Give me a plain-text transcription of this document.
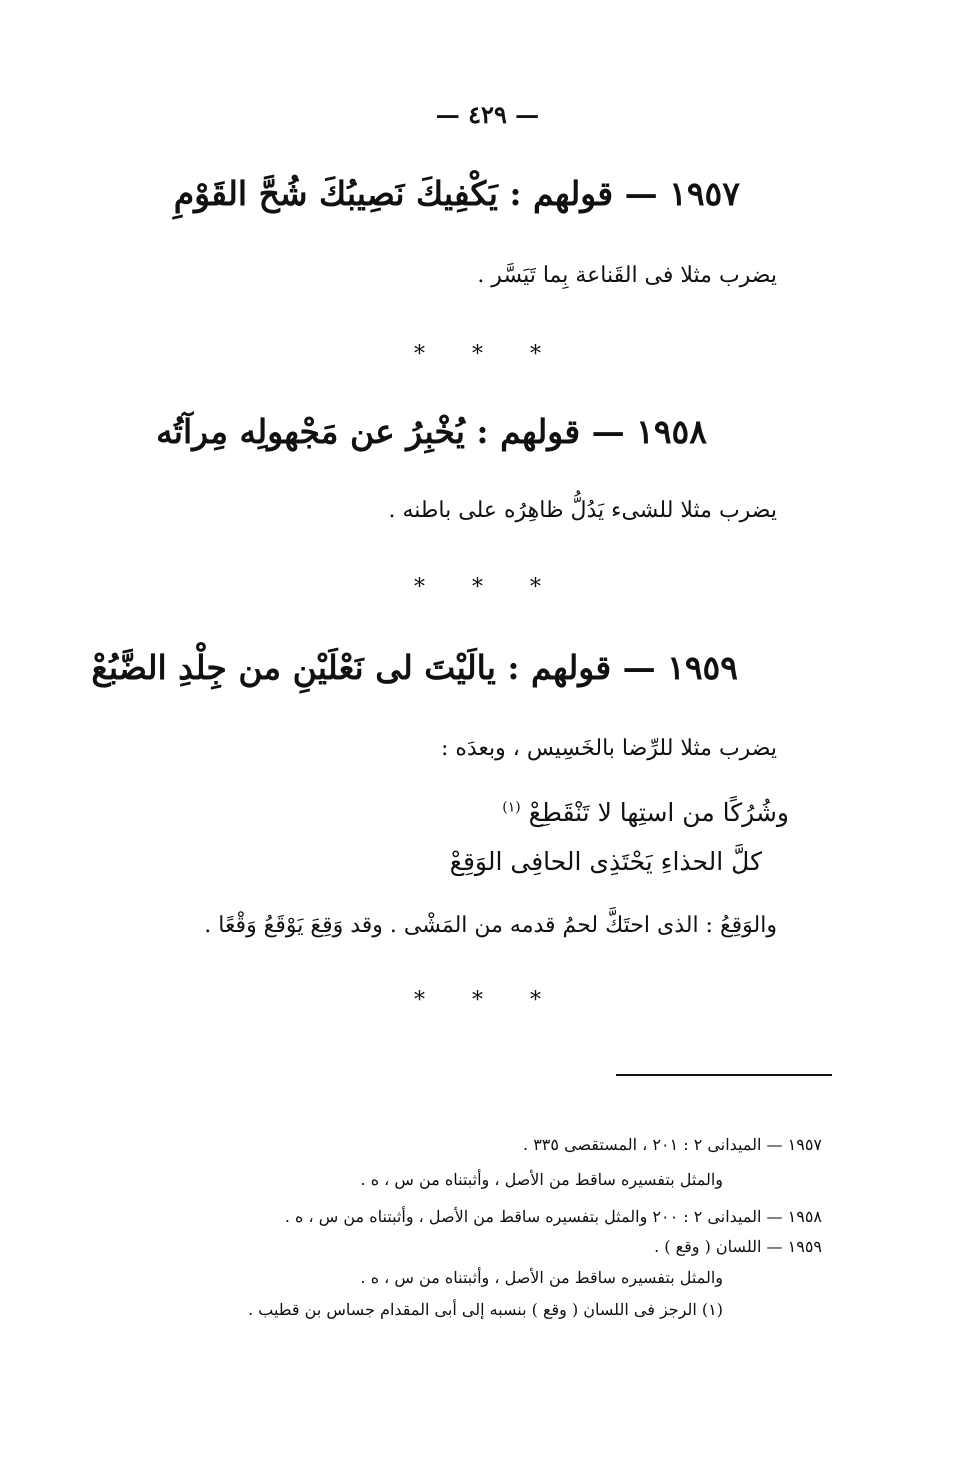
— ٤٢٩ —
١٩٥٧ — قولهم : يَكْفِيكَ نَصِيبُكَ شُحَّ القَوْمِ
يضرب مثلا فى القَناعة بِما تَيَسَّر .
* * *
١٩٥٨ — قولهم : يُخْبِرُ عن مَجْهولِه مِرآتُه
يضرب مثلا للشىء يَدُلُّ ظاهِرُه على باطنه .
* * *
١٩٥٩ — قولهم : يالَيْتَ لى نَعْلَيْنِ من جِلْدِ الضَّبُعْ
يضرب مثلا للرِّضا بالخَسِيس ، وبعدَه :
وشُرُكًا من استِها لا تَنْقَطِعْ $^{(١)}$
كلَّ الحذاءِ يَحْتَذِى الحافِى الوَقِعْ
والوَقِعُ : الذى احتَكَّ لحمُ قدمه من المَشْى . وقد وَقِعَ يَوْقَعُ وَقْعًا .
* * *
١٩٥٧ — الميدانى ٢ : ٢٠١ ، المستقصى ٣٣٥ .
والمثل بتفسيره ساقط من الأصل ، وأثبتناه من س ، ه .
١٩٥٨ — الميدانى ٢ : ٢٠٠ والمثل بتفسيره ساقط من الأصل ، وأثبتناه من س ، ه .
١٩٥٩ — اللسان ( وقع ) .
والمثل بتفسيره ساقط من الأصل ، وأثبتناه من س ، ه .
(١) الرجز فى اللسان ( وقع ) بنسبه إلى أبى المقدام جساس بن قطيب .
